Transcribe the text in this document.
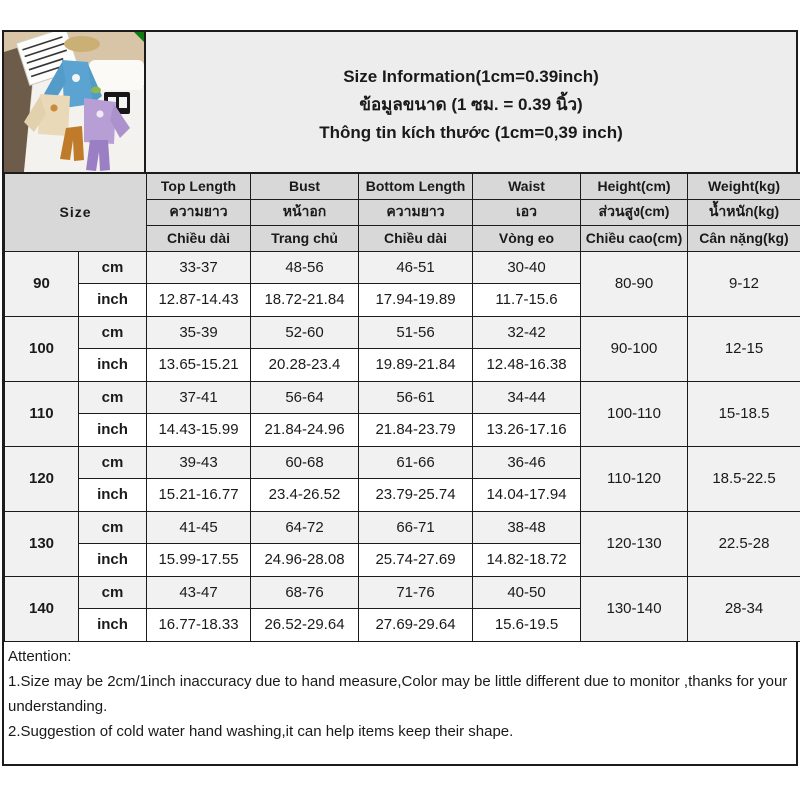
Size Information(1cm=0.39inch)
ข้อมูลขนาด (1 ซม. = 0.39 นิ้ว)
Thông tin kích thước (1cm=0,39 inch)
Size		Top Length	Bust	Bottom Length	Waist	Height(cm)	Weight(kg)
		ความยาว	หน้าอก	ความยาว	เอว	ส่วนสูง(cm)	น้ำหนัก(kg)
		Chiều dài	Trang chủ	Chiều dài	Vòng eo	Chiều cao(cm)	Cân nặng(kg)
90	cm	33-37	48-56	46-51	30-40	80-90	9-12
	inch	12.87-14.43	18.72-21.84	17.94-19.89	11.7-15.6		
100	cm	35-39	52-60	51-56	32-42	90-100	12-15
	inch	13.65-15.21	20.28-23.4	19.89-21.84	12.48-16.38		
110	cm	37-41	56-64	56-61	34-44	100-110	15-18.5
	inch	14.43-15.99	21.84-24.96	21.84-23.79	13.26-17.16		
120	cm	39-43	60-68	61-66	36-46	110-120	18.5-22.5
	inch	15.21-16.77	23.4-26.52	23.79-25.74	14.04-17.94		
130	cm	41-45	64-72	66-71	38-48	120-130	22.5-28
	inch	15.99-17.55	24.96-28.08	25.74-27.69	14.82-18.72		
140	cm	43-47	68-76	71-76	40-50	130-140	28-34
	inch	16.77-18.33	26.52-29.64	27.69-29.64	15.6-19.5		
Attention:
1.Size may be 2cm/1inch inaccuracy due to hand measure,Color may be little different due to monitor ,thanks for your understanding.
2.Suggestion of cold water hand washing,it can help items keep their shape.
